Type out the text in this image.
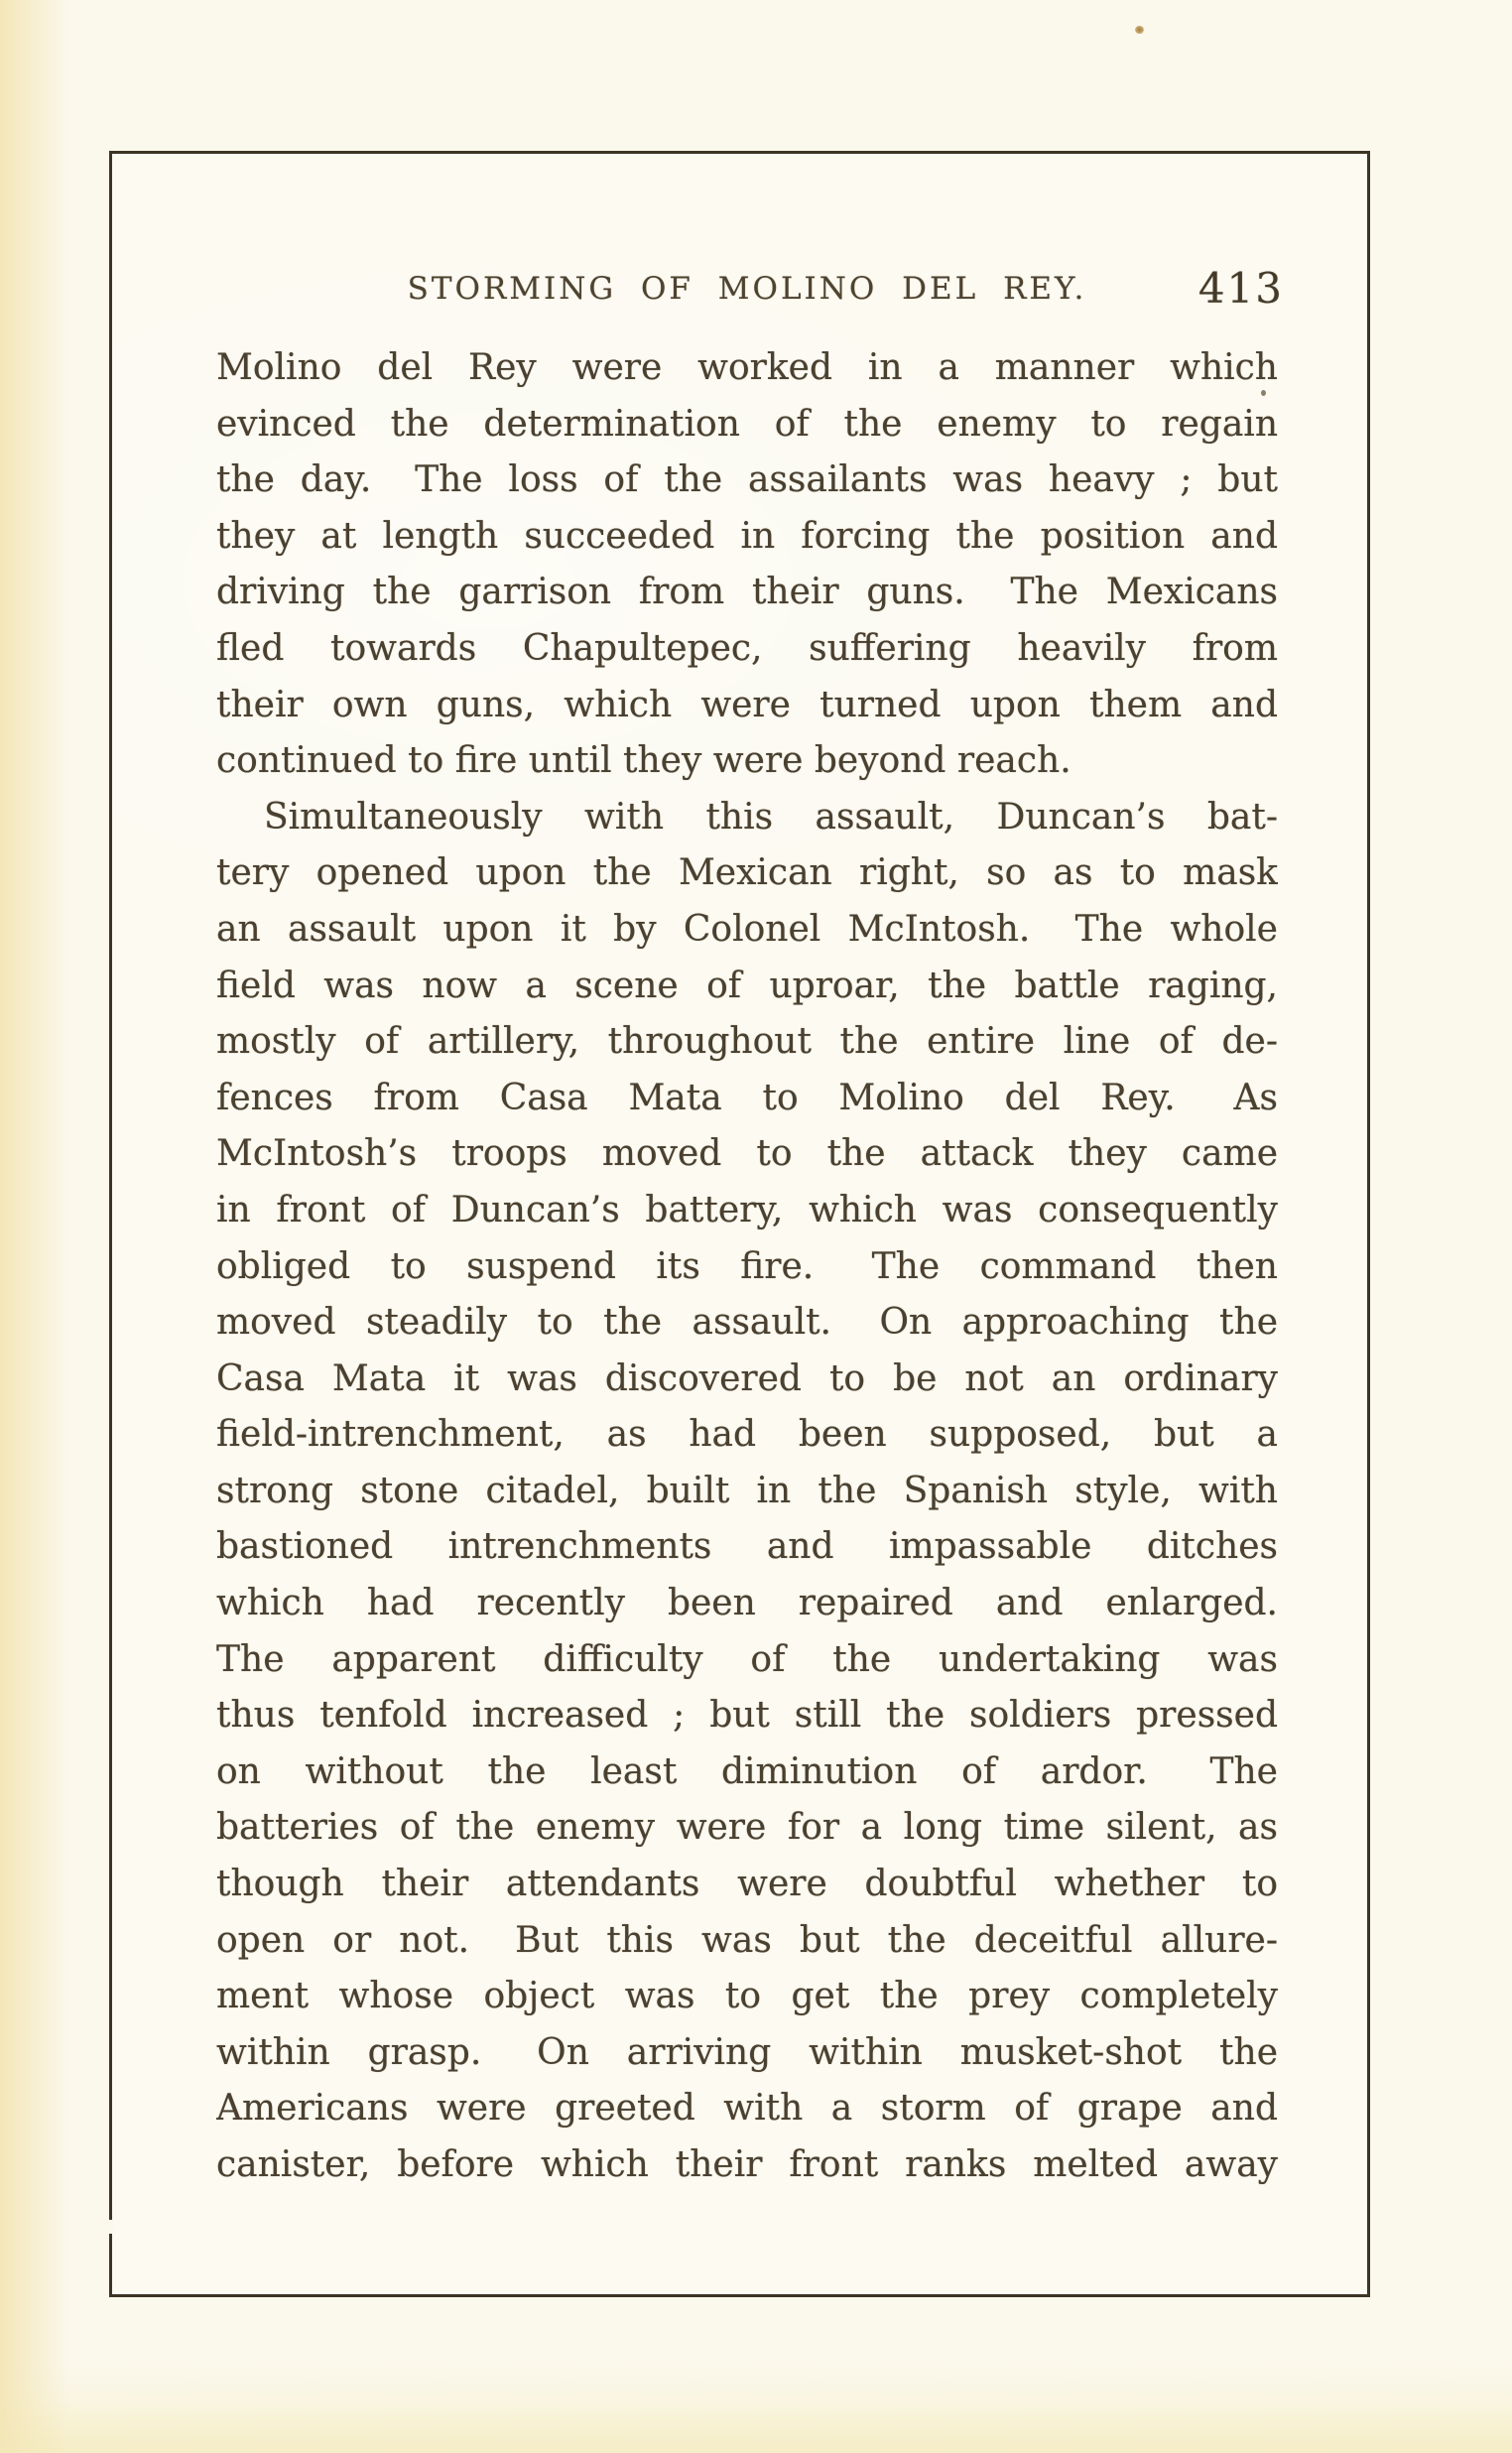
STORMING OF MOLINO DEL REY.	413
Molino del Rey were worked in a manner which
evinced the determination of the enemy to regain
the day.  The loss of the assailants was heavy ; but
they at length succeeded in forcing the position and
driving the garrison from their guns.  The Mexicans
fled towards Chapultepec, suffering heavily from
their own guns, which were turned upon them and
continued to fire until they were beyond reach.
Simultaneously with this assault, Duncan’s bat-
tery opened upon the Mexican right, so as to mask
an assault upon it by Colonel McIntosh.  The whole
field was now a scene of uproar, the battle raging,
mostly of artillery, throughout the entire line of de-
fences from Casa Mata to Molino del Rey.  As
McIntosh’s troops moved to the attack they came
in front of Duncan’s battery, which was consequently
obliged to suspend its fire.  The command then
moved steadily to the assault.  On approaching the
Casa Mata it was discovered to be not an ordinary
field-intrenchment, as had been supposed, but a
strong stone citadel, built in the Spanish style, with
bastioned intrenchments and impassable ditches
which had recently been repaired and enlarged.
The apparent difficulty of the undertaking was
thus tenfold increased ; but still the soldiers pressed
on without the least diminution of ardor.  The
batteries of the enemy were for a long time silent, as
though their attendants were doubtful whether to
open or not.  But this was but the deceitful allure-
ment whose object was to get the prey completely
within grasp.  On arriving within musket-shot the
Americans were greeted with a storm of grape and
canister, before which their front ranks melted away
